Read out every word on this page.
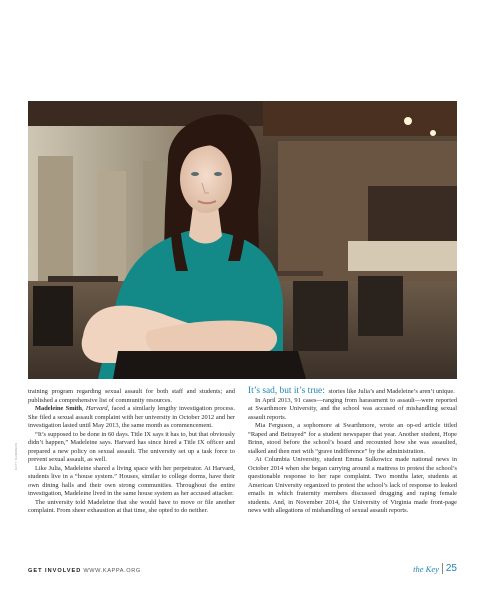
KATY SUMMERS

training program regarding sexual assault for both staff and students; and published a comprehensive list of community resources.

Madeleine Smith, Harvard, faced a similarly lengthy investigation process. She filed a sexual assault complaint with her university in October 2012 and her investigation lasted until May 2013, the same month as commencement.

“It’s supposed to be done in 60 days. Title IX says it has to, but that obviously didn’t happen,” Madeleine says. Harvard has since hired a Title IX officer and prepared a new policy on sexual assault. The university set up a task force to prevent sexual assault, as well.

Like Julia, Madeleine shared a living space with her perpetrator. At Harvard, students live in a “house system.” Houses, similar to college dorms, have their own dining halls and their own strong communities. Throughout the entire investigation, Madeleine lived in the same house system as her accused attacker.

The university told Madeleine that she would have to move or file another complaint. From sheer exhaustion at that time, she opted to do neither.

It’s sad, but it’s true: stories like Julia’s and Madeleine’s aren’t unique.

In April 2013, 91 cases—ranging from harassment to assault—were reported at Swarthmore University, and the school was accused of mishandling sexual assault reports.

Mia Ferguson, a sophomore at Swarthmore, wrote an op-ed article titled “Raped and Betrayed” for a student newspaper that year. Another student, Hope Brinn, stood before the school’s board and recounted how she was assaulted, stalked and then met with “grave indifference” by the administration.

At Columbia University, student Emma Sulkowicz made national news in October 2014 when she began carrying around a mattress to protest the school’s questionable response to her rape complaint. Two months later, students at American University organized to protest the school’s lack of response to leaked emails in which fraternity members discussed drugging and raping female students. And, in November 2014, the University of Virginia made front-page news with allegations of mishandling of sexual assault reports.

GET INVOLVED WWW.KAPPA.ORG	the Key 25
